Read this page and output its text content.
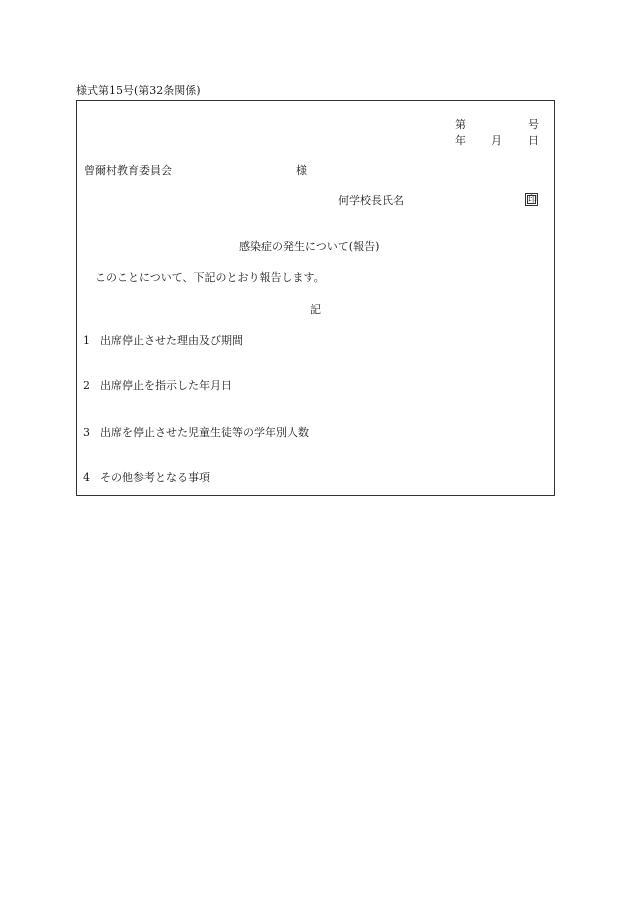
様式第15号(第32条関係)
第	号
年 月 日
曾爾村教育委員会	様
何学校長氏名	印
感染症の発生について(報告)
このことについて、下記のとおり報告します。
記
1 出席停止させた理由及び期間
2 出席停止を指示した年月日
3 出席を停止させた児童生徒等の学年別人数
4 その他参考となる事項
